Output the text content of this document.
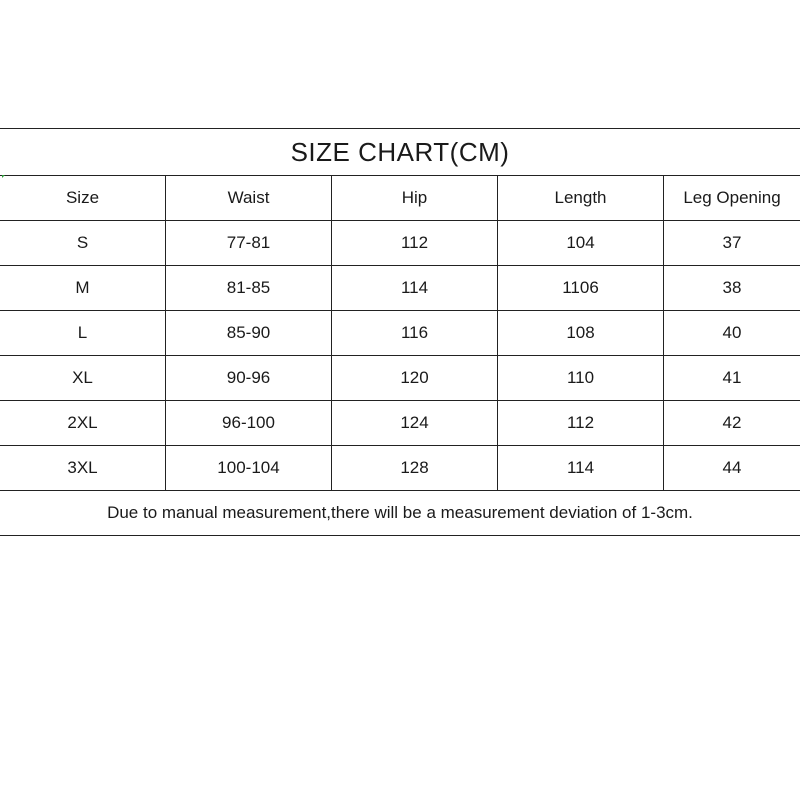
SIZE CHART(CM)
Size	Waist	Hip	Length	Leg Opening
S	77-81	112	104	37
M	81-85	114	1106	38
L	85-90	116	108	40
XL	90-96	120	110	41
2XL	96-100	124	112	42
3XL	100-104	128	114	44
Due to manual measurement,there will be a measurement deviation of 1-3cm.
